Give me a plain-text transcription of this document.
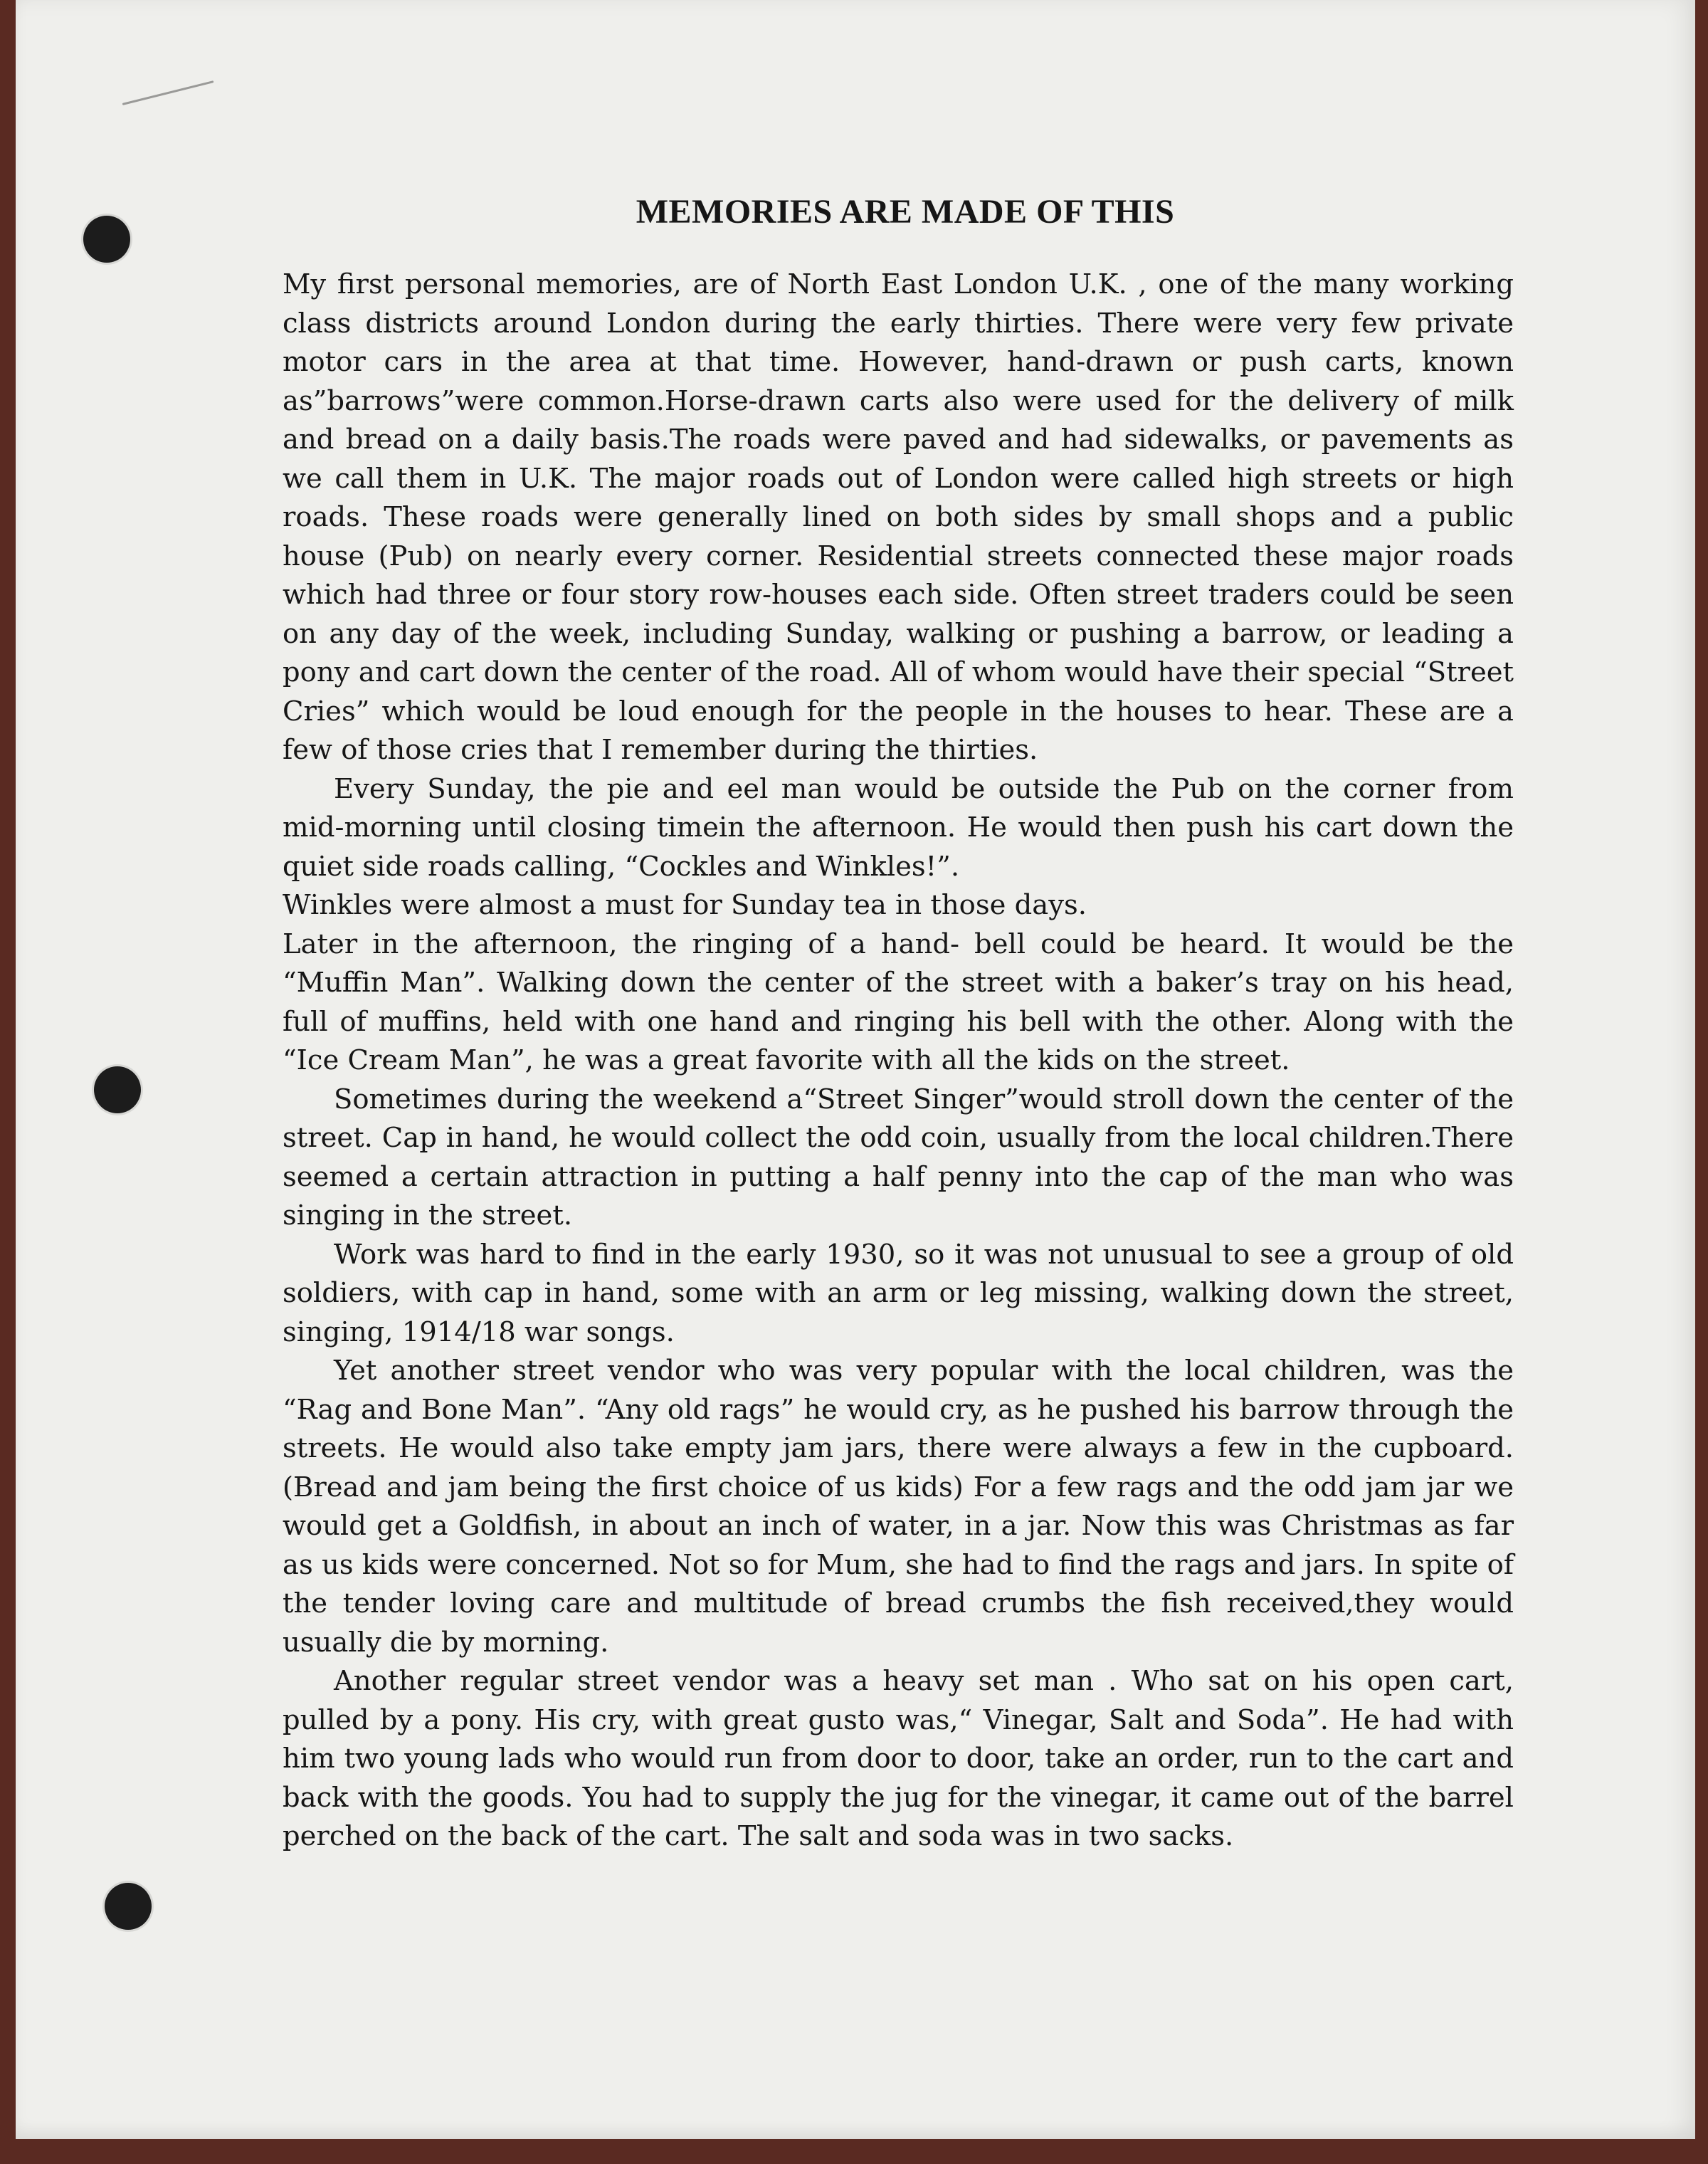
MEMORIES ARE MADE OF THIS

My first personal memories, are of North East London U.K. , one of the many working class districts around London during the early thirties. There were very few private motor cars in the area at that time. However, hand-drawn or push carts, known as”barrows”were common.Horse-drawn carts also were used for the delivery of milk and bread on a daily basis.The roads were paved and had sidewalks, or pavements as we call them in U.K. The major roads out of London were called high streets or high roads. These roads were generally lined on both sides by small shops and a public house (Pub) on nearly every corner. Residential streets connected these major roads which had three or four story row-houses each side. Often street traders could be seen on any day of the week, including Sunday, walking or pushing a barrow, or leading a pony and cart down the center of the road. All of whom would have their special “Street Cries” which would be loud enough for the people in the houses to hear. These are a few of those cries that I remember during the thirties.

Every Sunday, the pie and eel man would be outside the Pub on the corner from mid-morning until closing timein the afternoon. He would then push his cart down the quiet side roads calling, “Cockles and Winkles!”.

Winkles were almost a must for Sunday tea in those days.

Later in the afternoon, the ringing of a hand- bell could be heard. It would be the “Muffin Man”. Walking down the center of the street with a baker’s tray on his head, full of muffins, held with one hand and ringing his bell with the other. Along with the “Ice Cream Man”, he was a great favorite with all the kids on the street.

Sometimes during the weekend a“Street Singer”would stroll down the center of the street. Cap in hand, he would collect the odd coin, usually from the local children.There seemed a certain attraction in putting a half penny into the cap of the man who was singing in the street.

Work was hard to find in the early 1930, so it was not unusual to see a group of old soldiers, with cap in hand, some with an arm or leg missing, walking down the street, singing, 1914/18 war songs.

Yet another street vendor who was very popular with the local children, was the “Rag and Bone Man”. “Any old rags” he would cry, as he pushed his barrow through the streets. He would also take empty jam jars, there were always a few in the cupboard. (Bread and jam being the first choice of us kids) For a few rags and the odd jam jar we would get a Goldfish, in about an inch of water, in a jar. Now this was Christmas as far as us kids were concerned. Not so for Mum, she had to find the rags and jars. In spite of the tender loving care and multitude of bread crumbs the fish received,they would usually die by morning.

Another regular street vendor was a heavy set man . Who sat on his open cart, pulled by a pony. His cry, with great gusto was,“ Vinegar, Salt and Soda”. He had with him two young lads who would run from door to door, take an order, run to the cart and back with the goods. You had to supply the jug for the vinegar, it came out of the barrel perched on the back of the cart. The salt and soda was in two sacks.
